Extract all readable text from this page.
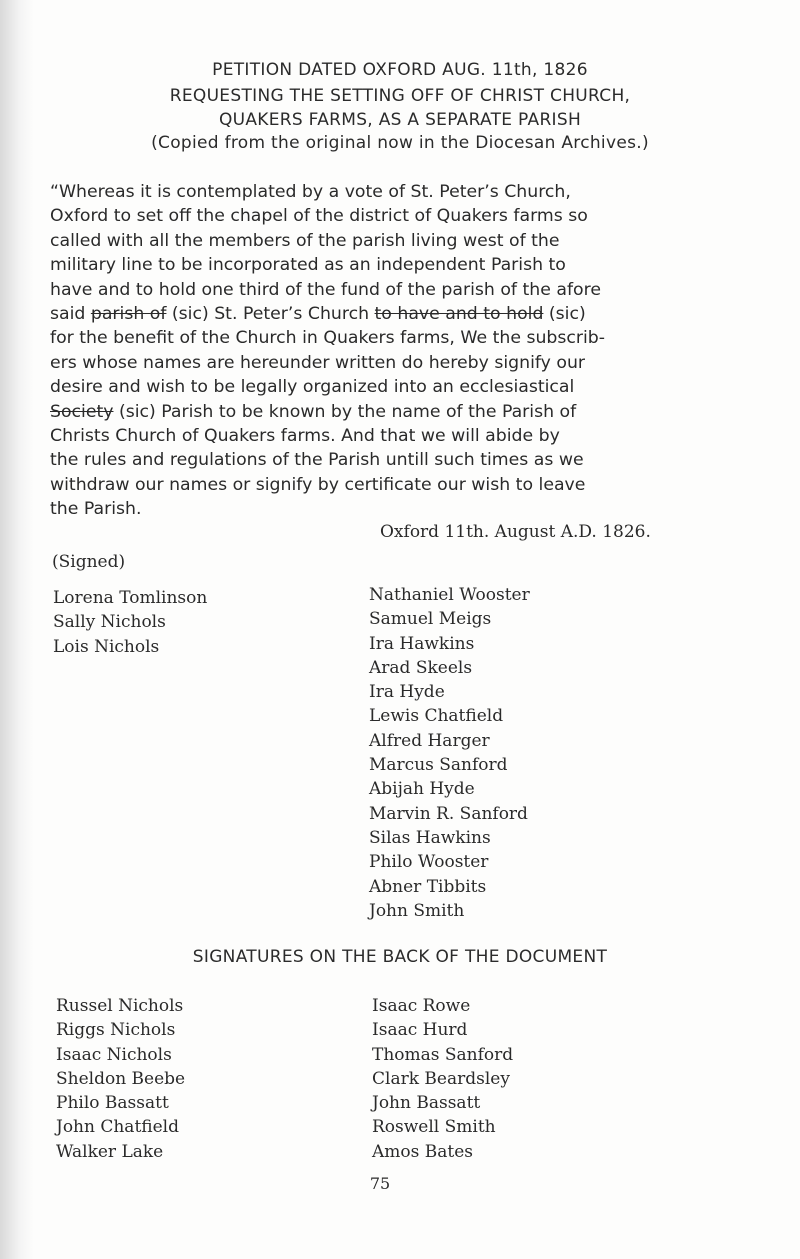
PETITION DATED OXFORD AUG. 11th, 1826
REQUESTING THE SETTING OFF OF CHRIST CHURCH,
QUAKERS FARMS, AS A SEPARATE PARISH
(Copied from the original now in the Diocesan Archives.)
“Whereas it is contemplated by a vote of St. Peter’s Church,
Oxford to set off the chapel of the district of Quakers farms so
called with all the members of the parish living west of the
military line to be incorporated as an independent Parish to
have and to hold one third of the fund of the parish of the afore
said parish of (sic) St. Peter’s Church to have and to hold (sic)
for the benefit of the Church in Quakers farms, We the subscrib-
ers whose names are hereunder written do hereby signify our
desire and wish to be legally organized into an ecclesiastical
Society (sic) Parish to be known by the name of the Parish of
Christs Church of Quakers farms. And that we will abide by
the rules and regulations of the Parish untill such times as we
withdraw our names or signify by certificate our wish to leave
the Parish.
Oxford 11th. August A.D. 1826.
(Signed)
Lorena Tomlinson
Sally Nichols
Lois Nichols
Nathaniel Wooster
Samuel Meigs
Ira Hawkins
Arad Skeels
Ira Hyde
Lewis Chatfield
Alfred Harger
Marcus Sanford
Abijah Hyde
Marvin R. Sanford
Silas Hawkins
Philo Wooster
Abner Tibbits
John Smith
SIGNATURES ON THE BACK OF THE DOCUMENT
Russel Nichols
Riggs Nichols
Isaac Nichols
Sheldon Beebe
Philo Bassatt
John Chatfield
Walker Lake
Isaac Rowe
Isaac Hurd
Thomas Sanford
Clark Beardsley
John Bassatt
Roswell Smith
Amos Bates
75
